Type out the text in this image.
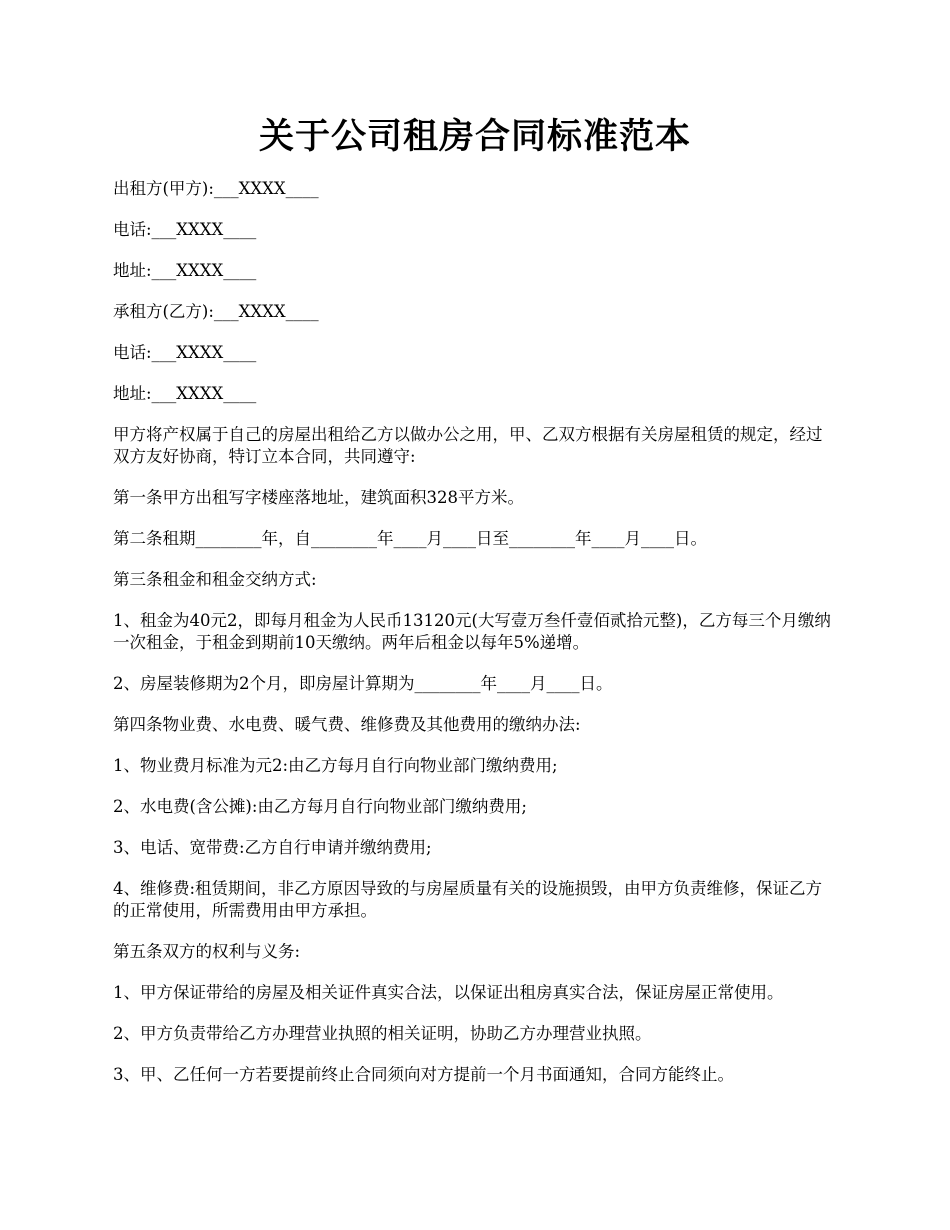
关于公司租房合同标准范本

出租方(甲方):___XXXX____

电话:___XXXX____

地址:___XXXX____

承租方(乙方):___XXXX____

电话:___XXXX____

地址:___XXXX____

甲方将产权属于自己的房屋出租给乙方以做办公之用，甲、乙双方根据有关房屋租赁的规定，经过双方友好协商，特订立本合同，共同遵守:

第一条甲方出租写字楼座落地址，建筑面积328平方米。

第二条租期________年，自________年____月____日至________年____月____日。

第三条租金和租金交纳方式:

1、租金为40元2，即每月租金为人民币13120元(大写壹万叁仟壹佰贰拾元整)，乙方每三个月缴纳一次租金，于租金到期前10天缴纳。两年后租金以每年5%递增。

2、房屋装修期为2个月，即房屋计算期为________年____月____日。

第四条物业费、水电费、暖气费、维修费及其他费用的缴纳办法:

1、物业费月标准为元2:由乙方每月自行向物业部门缴纳费用;

2、水电费(含公摊):由乙方每月自行向物业部门缴纳费用;

3、电话、宽带费:乙方自行申请并缴纳费用;

4、维修费:租赁期间，非乙方原因导致的与房屋质量有关的设施损毁，由甲方负责维修，保证乙方的正常使用，所需费用由甲方承担。

第五条双方的权利与义务:

1、甲方保证带给的房屋及相关证件真实合法，以保证出租房真实合法，保证房屋正常使用。

2、甲方负责带给乙方办理营业执照的相关证明，协助乙方办理营业执照。

3、甲、乙任何一方若要提前终止合同须向对方提前一个月书面通知，合同方能终止。
